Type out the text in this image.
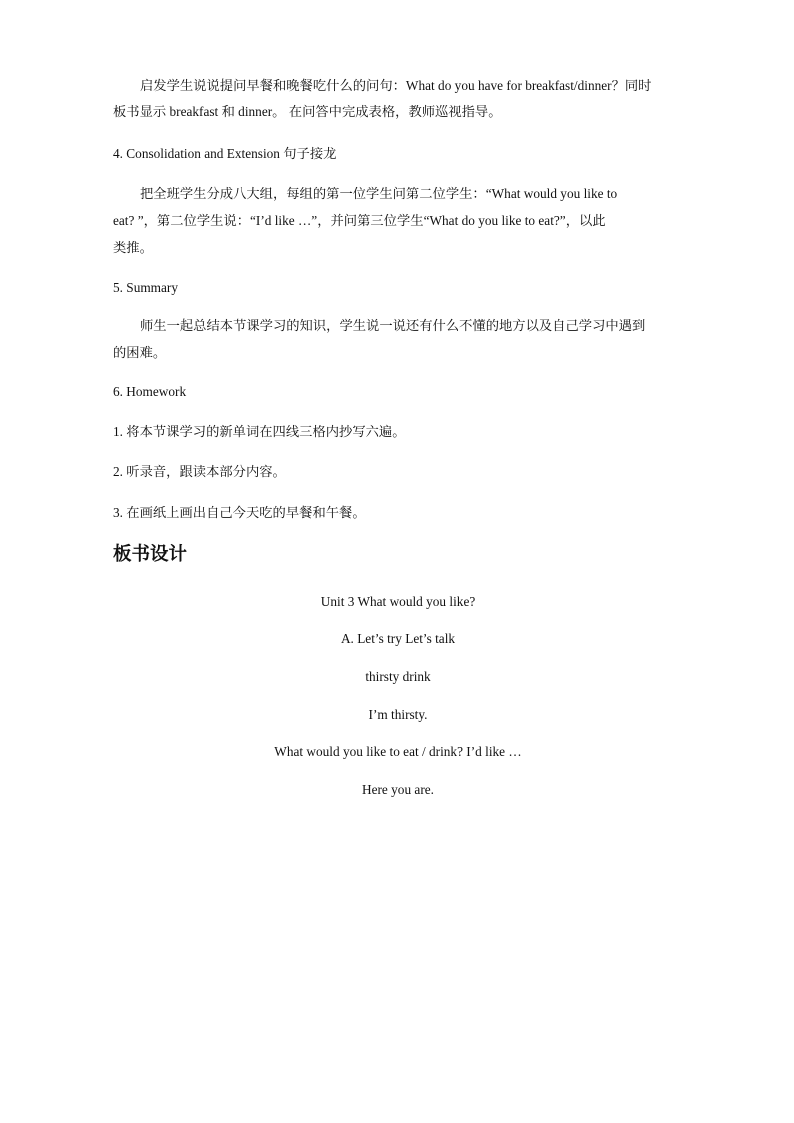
启发学生说说提问早餐和晚餐吃什么的问句：What do you have for breakfast/dinner？同时
板书显示 breakfast 和 dinner。 在问答中完成表格，教师巡视指导。
4. Consolidation and Extension 句子接龙
把全班学生分成八大组，每组的第一位学生问第二位学生：“What would you like to
eat? ”，第二位学生说：“I’d like …”，并问第三位学生“What do you like to eat?”，以此
类推。
5. Summary
师生一起总结本节课学习的知识，学生说一说还有什么不懂的地方以及自己学习中遇到
的困难。
6. Homework
1. 将本节课学习的新单词在四线三格内抄写六遍。
2. 听录音，跟读本部分内容。
3. 在画纸上画出自己今天吃的早餐和午餐。
板书设计
Unit 3 What would you like?
A. Let’s try Let’s talk
thirsty drink
I’m thirsty.
What would you like to eat / drink? I’d like …
Here you are.
